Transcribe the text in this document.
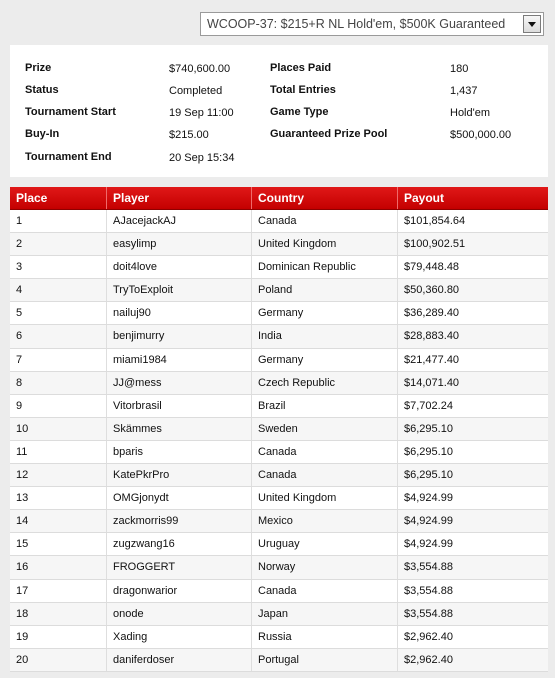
WCOOP-37: $215+R NL Hold'em, $500K Guaranteed
Prize	$740,600.00
Status	Completed
Tournament Start	19 Sep 11:00
Buy-In	$215.00
Tournament End	20 Sep 15:34
Places Paid	180
Total Entries	1,437
Game Type	Hold'em
Guaranteed Prize Pool	$500,000.00
Place	Player	Country	Payout
1	AJacejackAJ	Canada	$101,854.64
2	easylimp	United Kingdom	$100,902.51
3	doit4love	Dominican Republic	$79,448.48
4	TryToExploit	Poland	$50,360.80
5	nailuj90	Germany	$36,289.40
6	benjimurry	India	$28,883.40
7	miami1984	Germany	$21,477.40
8	JJ@mess	Czech Republic	$14,071.40
9	Vitorbrasil	Brazil	$7,702.24
10	Skämmes	Sweden	$6,295.10
11	bparis	Canada	$6,295.10
12	KatePkrPro	Canada	$6,295.10
13	OMGjonydt	United Kingdom	$4,924.99
14	zackmorris99	Mexico	$4,924.99
15	zugzwang16	Uruguay	$4,924.99
16	FROGGERT	Norway	$3,554.88
17	dragonwarior	Canada	$3,554.88
18	onode	Japan	$3,554.88
19	Xading	Russia	$2,962.40
20	daniferdoser	Portugal	$2,962.40
